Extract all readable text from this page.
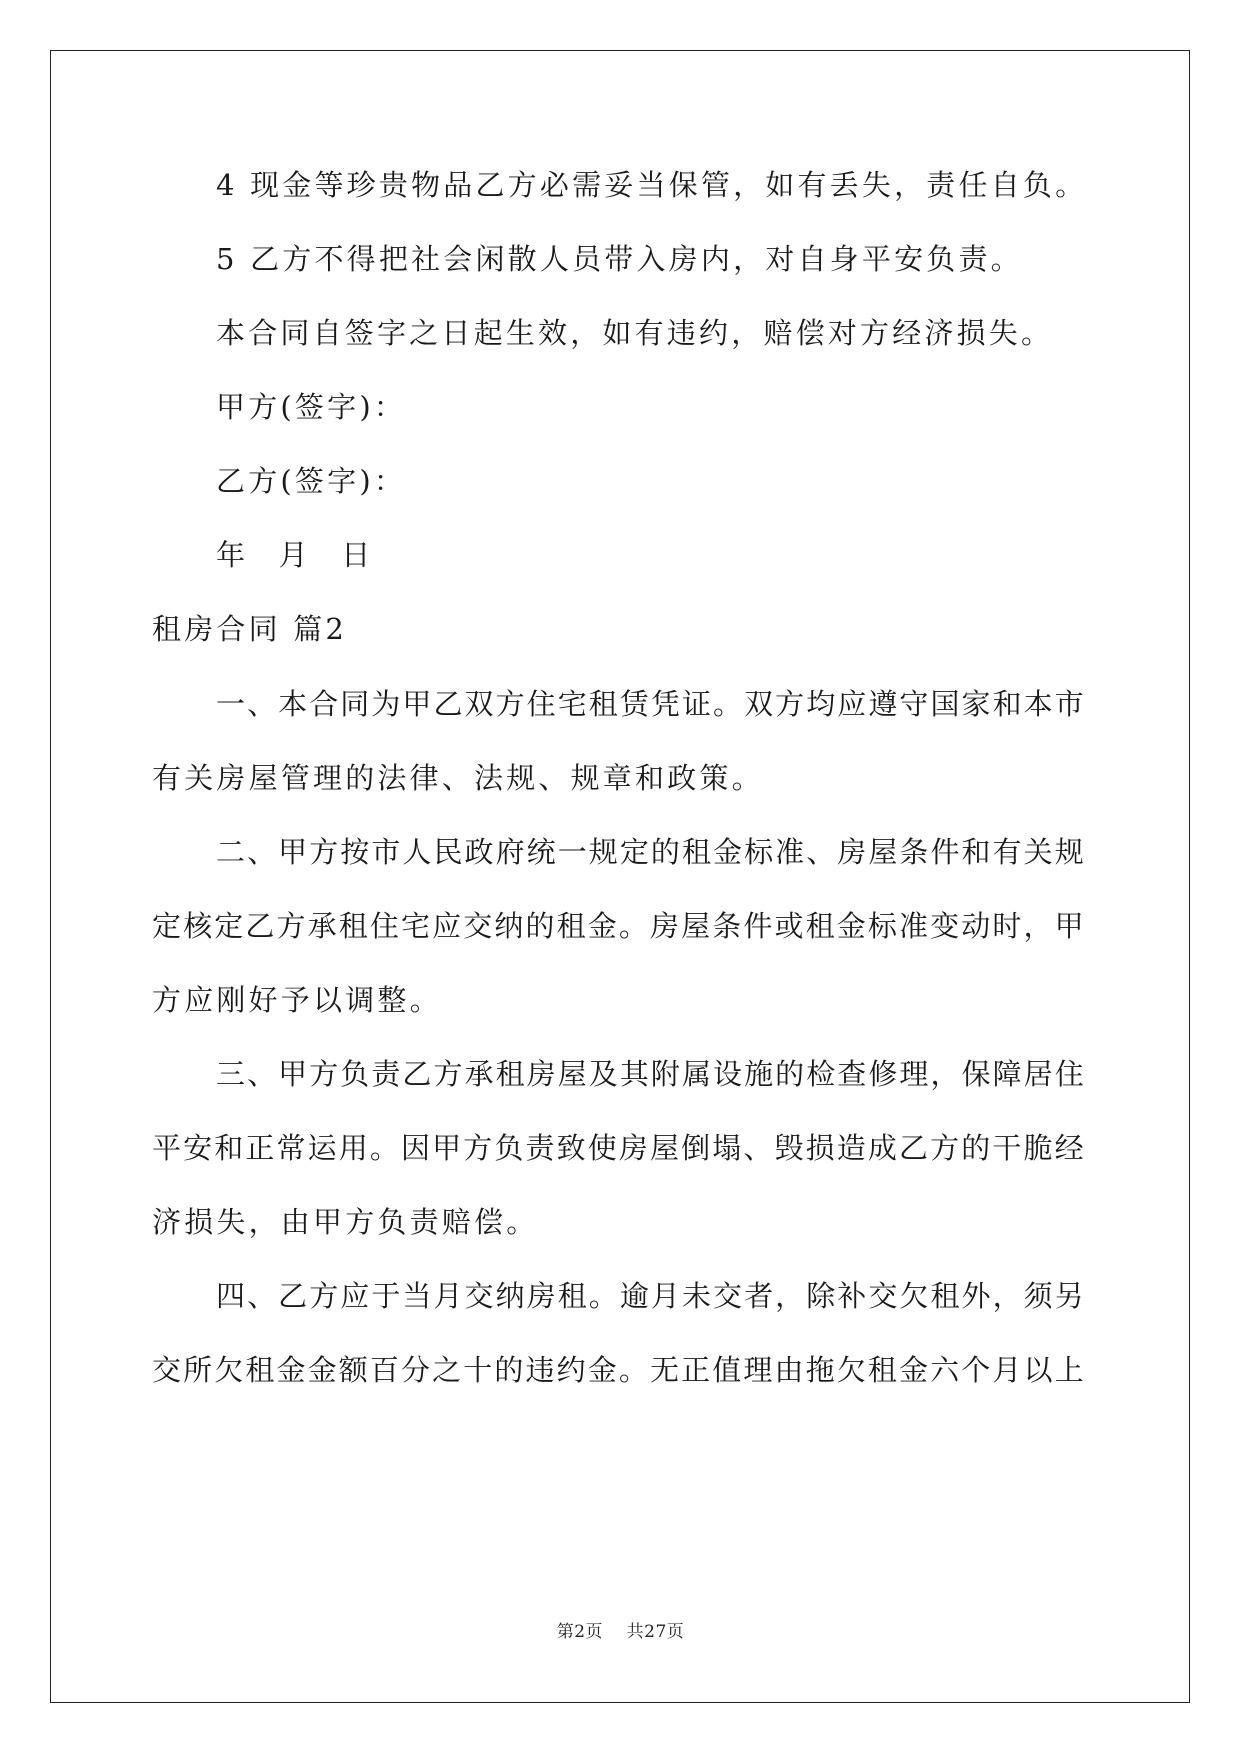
4 现金等珍贵物品乙方必需妥当保管，如有丢失，责任自负。
5 乙方不得把社会闲散人员带入房内，对自身平安负责。
本合同自签字之日起生效，如有违约，赔偿对方经济损失。
甲方(签字)：
乙方(签字)：
年 月 日
租房合同 篇2
一 、 本 合 同 为 甲 乙 双 方 住 宅 租 赁 凭 证 。 双 方 均 应 遵 守 国 家 和 本 市
有关房屋管理的法律、法规、规章和政策。
二 、 甲 方 按 市 人 民 政 府 统 一 规 定 的 租 金 标 准 、 房 屋 条 件 和 有 关 规
定 核 定 乙 方 承 租 住 宅 应 交 纳 的 租 金 。 房 屋 条 件 或 租 金 标 准 变 动 时 ， 甲
方应刚好予以调整。
三 、 甲 方 负 责 乙 方 承 租 房 屋 及 其 附 属 设 施 的 检 查 修 理 ， 保 障 居 住
平 安 和 正 常 运 用 。 因 甲 方 负 责 致 使 房 屋 倒 塌 、 毁 损 造 成 乙 方 的 干 脆 经
济损失，由甲方负责赔偿。
四 、 乙 方 应 于 当 月 交 纳 房 租 。 逾 月 未 交 者 ， 除 补 交 欠 租 外 ， 须 另
交 所 欠 租 金 金 额 百 分 之 十 的 违 约 金 。 无 正 值 理 由 拖 欠 租 金 六 个 月 以 上
第2页 共27页
